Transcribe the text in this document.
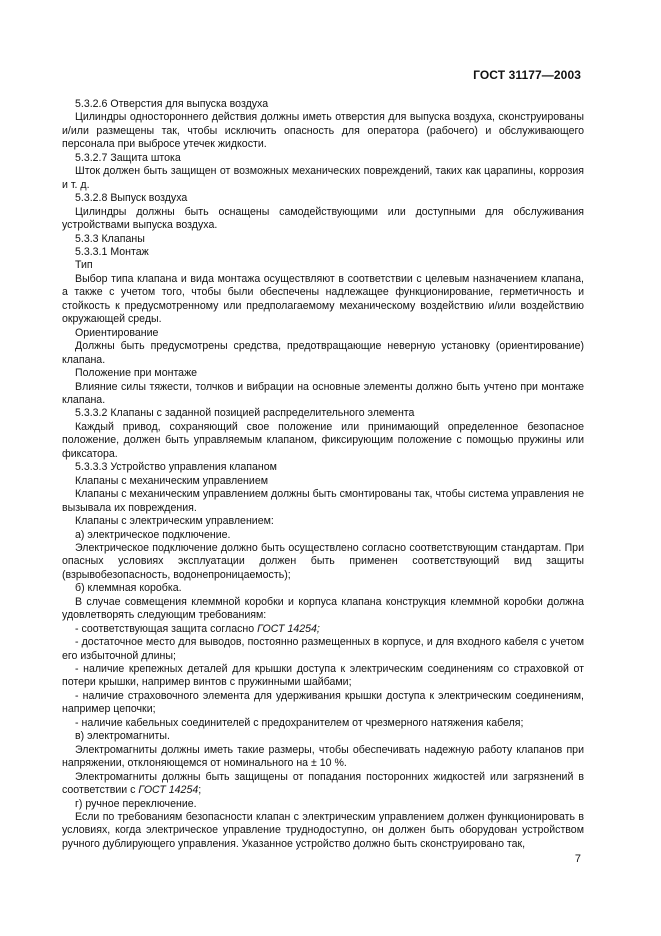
ГОСТ 31177—2003

5.3.2.6 Отверстия для выпуска воздуха

Цилиндры одностороннего действия должны иметь отверстия для выпуска воздуха, сконструированы и/или размещены так, чтобы исключить опасность для оператора (рабочего) и обслуживающего персонала при выбросе утечек жидкости.

5.3.2.7 Защита штока

Шток должен быть защищен от возможных механических повреждений, таких как царапины, коррозия и т. д.

5.3.2.8 Выпуск воздуха

Цилиндры должны быть оснащены самодействующими или доступными для обслуживания устройствами выпуска воздуха.

5.3.3 Клапаны

5.3.3.1 Монтаж

Тип

Выбор типа клапана и вида монтажа осуществляют в соответствии с целевым назначением клапана, а также с учетом того, чтобы были обеспечены надлежащее функционирование, герметичность и стойкость к предусмотренному или предполагаемому механическому воздействию и/или воздействию окружающей среды.

Ориентирование

Должны быть предусмотрены средства, предотвращающие неверную установку (ориентирование) клапана.

Положение при монтаже

Влияние силы тяжести, толчков и вибрации на основные элементы должно быть учтено при монтаже клапана.

5.3.3.2 Клапаны с заданной позицией распределительного элемента

Каждый привод, сохраняющий свое положение или принимающий определенное безопасное положение, должен быть управляемым клапаном, фиксирующим положение с помощью пружины или фиксатора.

5.3.3.3 Устройство управления клапаном

Клапаны с механическим управлением

Клапаны с механическим управлением должны быть смонтированы так, чтобы система управления не вызывала их повреждения.

Клапаны с электрическим управлением:

а) электрическое подключение.

Электрическое подключение должно быть осуществлено согласно соответствующим стандартам. При опасных условиях эксплуатации должен быть применен соответствующий вид защиты (взрывобезопасность, водонепроницаемость);

б) клеммная коробка.

В случае совмещения клеммной коробки и корпуса клапана конструкция клеммной коробки должна удовлетворять следующим требованиям:

- соответствующая защита согласно ГОСТ 14254;

- достаточное место для выводов, постоянно размещенных в корпусе, и для входного кабеля с учетом его избыточной длины;

- наличие крепежных деталей для крышки доступа к электрическим соединениям со страховкой от потери крышки, например винтов с пружинными шайбами;

- наличие страховочного элемента для удерживания крышки доступа к электрическим соединениям, например цепочки;

- наличие кабельных соединителей с предохранителем от чрезмерного натяжения кабеля;

в) электромагниты.

Электромагниты должны иметь такие размеры, чтобы обеспечивать надежную работу клапанов при напряжении, отклоняющемся от номинального на ± 10 %.

Электромагниты должны быть защищены от попадания посторонних жидкостей или загрязнений в соответствии с ГОСТ 14254;

г) ручное переключение.

Если по требованиям безопасности клапан с электрическим управлением должен функционировать в условиях, когда электрическое управление труднодоступно, он должен быть оборудован устройством ручного дублирующего управления. Указанное устройство должно быть сконструировано так,

7
